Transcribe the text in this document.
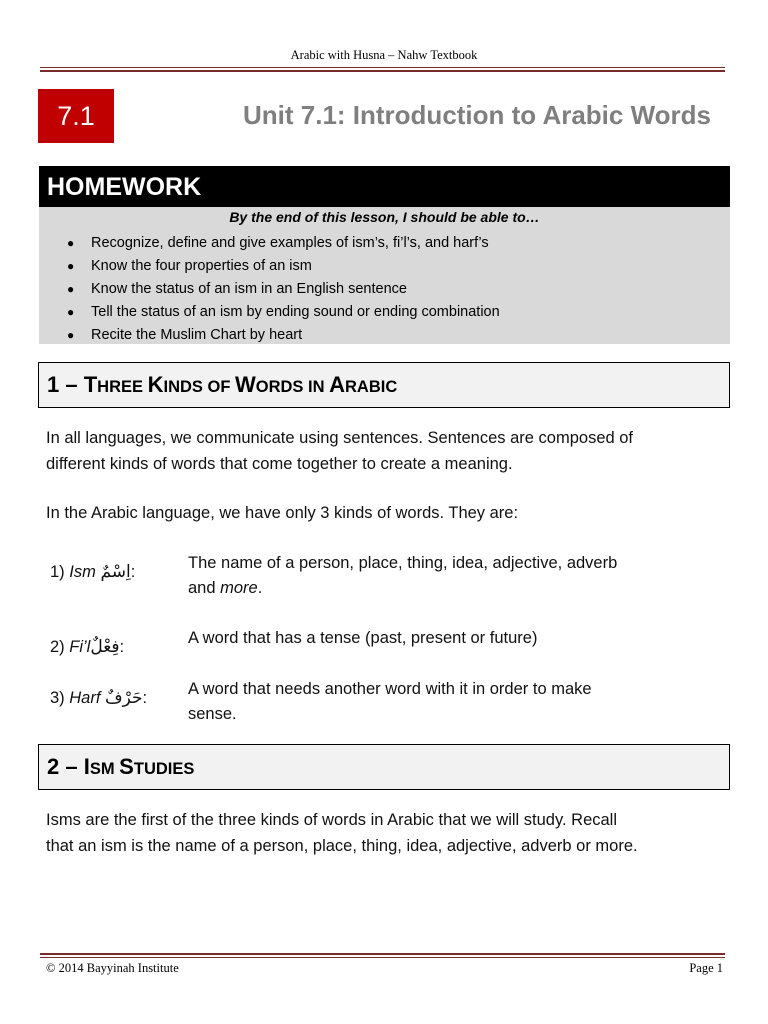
Arabic with Husna – Nahw Textbook
7.1	Unit 7.1: Introduction to Arabic Words
HOMEWORK
By the end of this lesson, I should be able to…
● Recognize, define and give examples of ism’s, fi’l’s, and harf’s
● Know the four properties of an ism
● Know the status of an ism in an English sentence
● Tell the status of an ism by ending sound or ending combination
● Recite the Muslim Chart by heart
1 – THREE KINDS OF WORDS IN ARABIC
In all languages, we communicate using sentences. Sentences are composed of
different kinds of words that come together to create a meaning.
In the Arabic language, we have only 3 kinds of words. They are:
1) Ism اِسْمٌ:	The name of a person, place, thing, idea, adjective, adverb
and more.
2) Fi’lفِعْلٌ:	A word that has a tense (past, present or future)
3) Harf حَرْفٌ: A word that needs another word with it in order to make
sense.
2 – ISM STUDIES
Isms are the first of the three kinds of words in Arabic that we will study. Recall
that an ism is the name of a person, place, thing, idea, adjective, adverb or more.
© 2014 Bayyinah Institute	Page 1
